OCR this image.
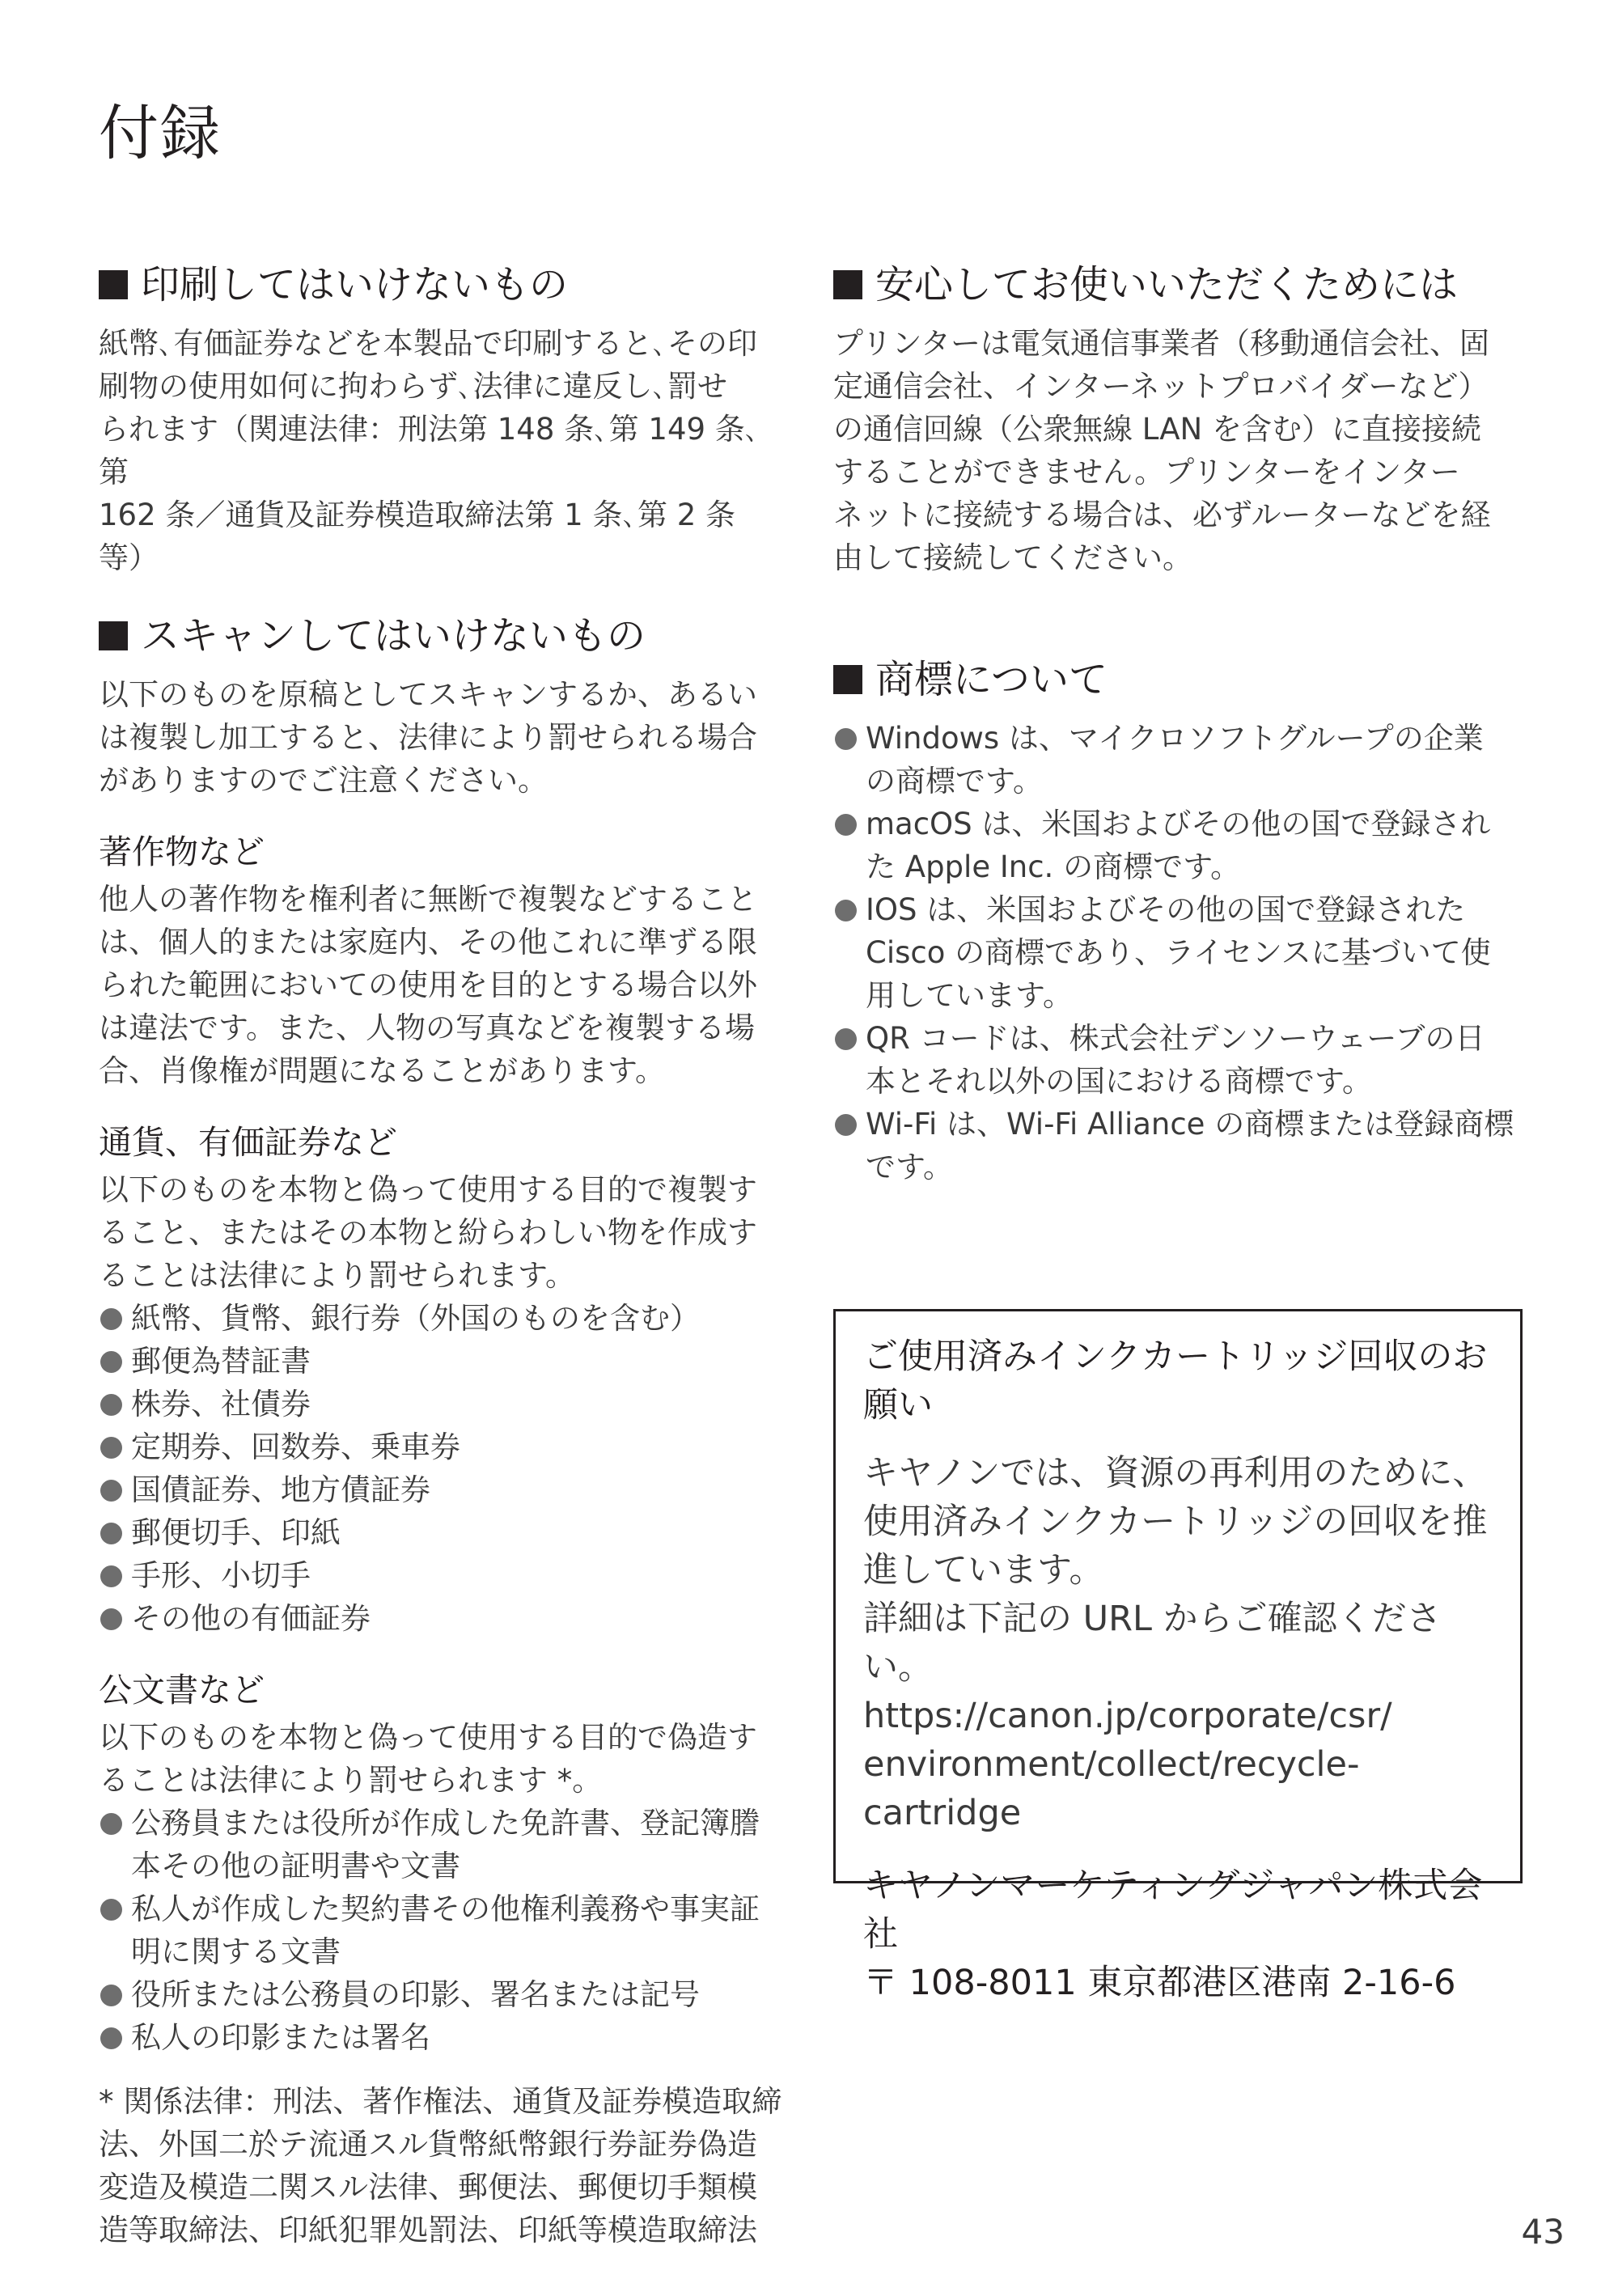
付録
印刷してはいけないもの

紙幣､有価証券などを本製品で印刷すると､その印
刷物の使用如何に拘わらず､法律に違反し､罰せ
られます（関連法律：刑法第 148 条､第 149 条､第
162 条／通貨及証券模造取締法第 1 条､第 2 条　等）

スキャンしてはいけないもの

以下のものを原稿としてスキャンするか、あるい
は複製し加工すると、法律により罰せられる場合
がありますのでご注意ください。

著作物など

他人の著作物を権利者に無断で複製などすること
は、個人的または家庭内、その他これに準ずる限
られた範囲においての使用を目的とする場合以外
は違法です。また、人物の写真などを複製する場
合、肖像権が問題になることがあります。

通貨、有価証券など

以下のものを本物と偽って使用する目的で複製す
ること、またはその本物と紛らわしい物を作成す
ることは法律により罰せられます。

紙幣、貨幣、銀行券（外国のものを含む）
郵便為替証書
株券、社債券
定期券、回数券、乗車券
国債証券、地方債証券
郵便切手、印紙
手形、小切手
その他の有価証券
公文書など

以下のものを本物と偽って使用する目的で偽造す
ることは法律により罰せられます *。

公務員または役所が作成した免許書、登記簿謄
本その他の証明書や文書
私人が作成した契約書その他権利義務や事実証
明に関する文書
役所または公務員の印影、署名または記号
私人の印影または署名

* 関係法律：刑法、著作権法、通貨及証券模造取締
法、外国二於テ流通スル貨幣紙幣銀行券証券偽造
変造及模造二関スル法律、郵便法、郵便切手類模
造等取締法、印紙犯罪処罰法、印紙等模造取締法

安心してお使いいただくためには

プリンターは電気通信事業者（移動通信会社、固
定通信会社、インターネットプロバイダーなど）
の通信回線（公衆無線 LAN を含む）に直接接続
することができません。プリンターをインター
ネットに接続する場合は、必ずルーターなどを経
由して接続してください。

商標について
Windows は、マイクロソフトグループの企業
の商標です。
macOS は、米国およびその他の国で登録され
た Apple Inc. の商標です。
IOS は、米国およびその他の国で登録された
Cisco の商標であり、ライセンスに基づいて使
用しています。
QR コードは、株式会社デンソーウェーブの日
本とそれ以外の国における商標です。
Wi-Fi は、Wi-Fi Alliance の商標または登録商標
です。

ご使用済みインクカートリッジ回収のお
願い

キヤノンでは、資源の再利用のために、
使用済みインクカートリッジの回収を推
進しています。
詳細は下記の URL からご確認ください。

https://canon.jp/corporate/csr/
environment/collect/recycle-cartridge

キヤノンマーケティングジャパン株式会社
〒 108-8011 東京都港区港南 2-16-6

43
